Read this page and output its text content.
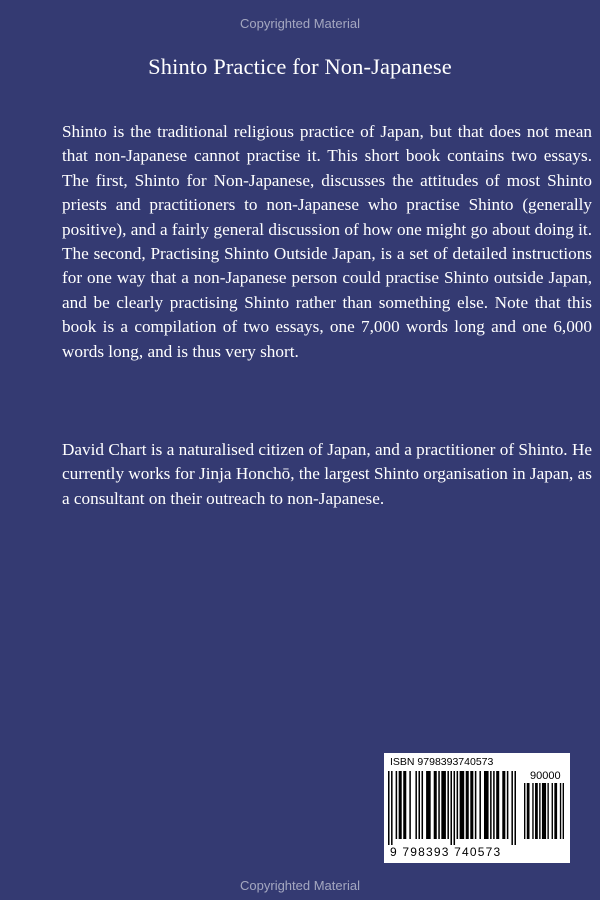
Copyrighted Material
Shinto Practice for Non-Japanese

Shinto is the traditional religious practice of Japan, but that does not mean that non-Japanese cannot practise it. This short book contains two essays. The first, Shinto for Non-Japanese, discusses the attitudes of most Shinto priests and practitioners to non-Japanese who practise Shinto (generally positive), and a fairly general discussion of how one might go about doing it. The second, Practising Shinto Outside Japan, is a set of detailed instructions for one way that a non-Japanese person could practise Shinto outside Japan, and be clearly practising Shinto rather than something else. Note that this book is a compilation of two essays, one 7,000 words long and one 6,000 words long, and is thus very short.

David Chart is a naturalised citizen of Japan, and a practitioner of Shinto. He currently works for Jinja Honchō, the largest Shinto organisation in Japan, as a consultant on their outreach to non-Japanese.

ISBN 9798393740573
90000
9 798393 740573
Copyrighted Material
